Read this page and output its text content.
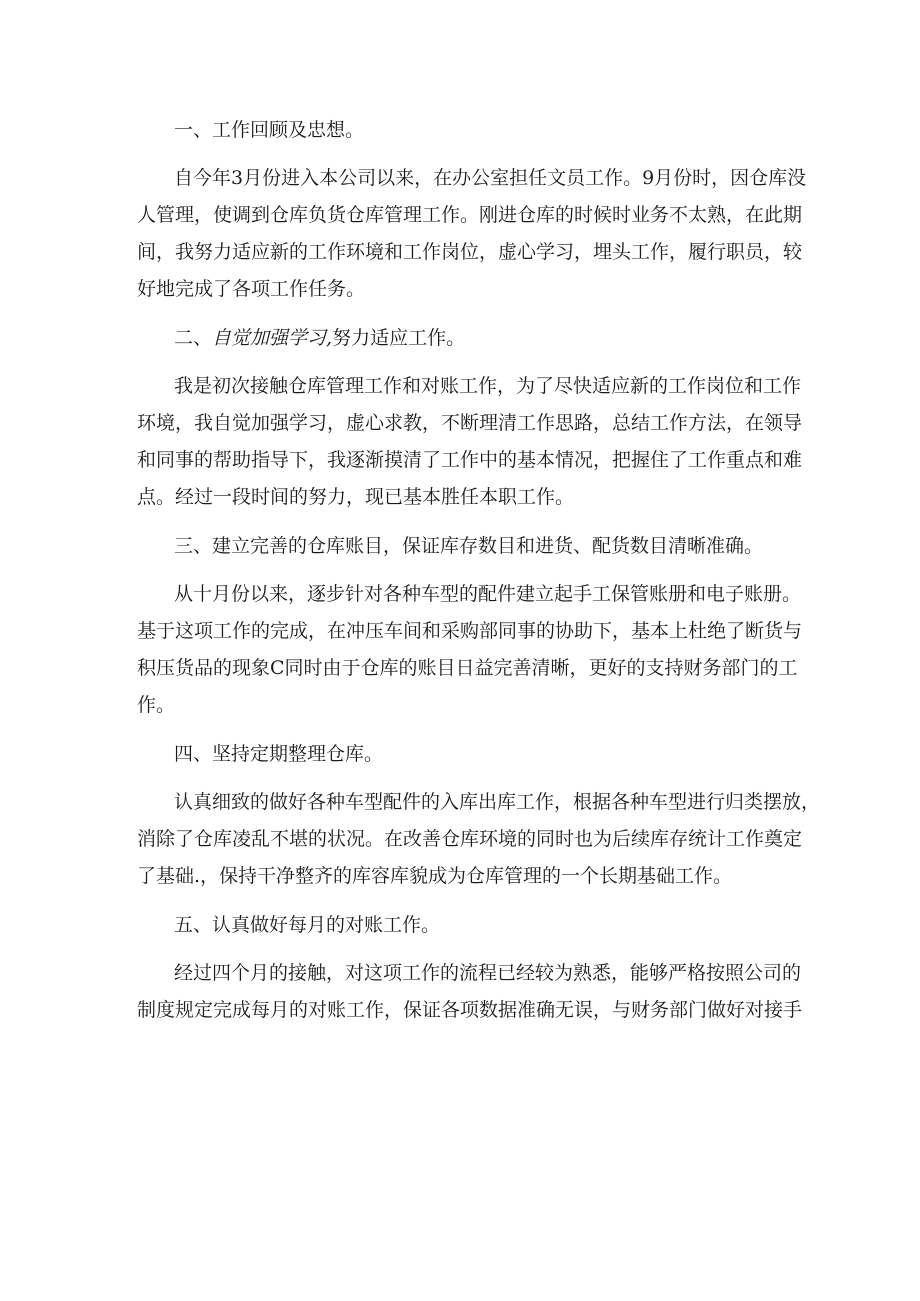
一、工作回顾及忠想。

自今年3月份进入本公司以来，在办公室担任文员工作。9月份时，因仓库没

人管理，使调到仓库负货仓库管理工作。刚进仓库的时候时业务不太熟，在此期

间，我努力适应新的工作环境和工作岗位，虚心学习，埋头工作，履行职员，较

好地完成了各项工作任务。

二、自觉加强学习,努力适应工作。

我是初次接触仓库管理工作和对账工作，为了尽快适应新的工作岗位和工作

环境，我自觉加强学习，虚心求教，不断理清工作思路，总结工作方法，在领导

和同事的帮助指导下，我逐渐摸清了工作中的基本情况，把握住了工作重点和难

点。经过一段时间的努力，现已基本胜任本职工作。

三、建立完善的仓库账目，保证库存数目和进货、配货数目清晰准确。

从十月份以来，逐步针对各种车型的配件建立起手工保管账册和电子账册。

基于这项工作的完成，在冲压车间和采购部同事的协助下，基本上杜绝了断货与

积压货品的现象C同时由于仓库的账目日益完善清晰，更好的支持财务部门的工

作。

四、坚持定期整理仓库。

认真细致的做好各种车型配件的入库出库工作，根据各种车型进行归类摆放，

消除了仓库凌乱不堪的状况。在改善仓库环境的同时也为后续库存统计工作奠定

了基础.，保持干净整齐的库容库貌成为仓库管理的一个长期基础工作。

五、认真做好每月的对账工作。

经过四个月的接触，对这项工作的流程已经较为熟悉，能够严格按照公司的

制度规定完成每月的对账工作，保证各项数据准确无误，与财务部门做好对接手
